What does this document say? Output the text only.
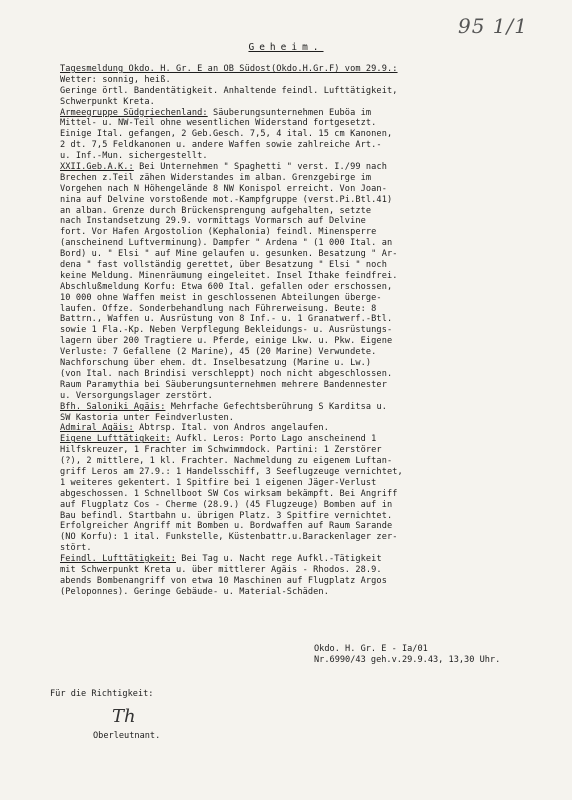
95 1/1
Geheim.
Tagesmeldung Okdo. H. Gr. E an OB Südost(Okdo.H.Gr.F) vom 29.9.:
Wetter: sonnig, heiß.
Geringe örtl. Bandentätigkeit. Anhaltende feindl. Lufttätigkeit,
Schwerpunkt Kreta.
Armeegruppe Südgriechenland: Säuberungsunternehmen Euböa im
Mittel- u. NW-Teil ohne wesentlichen Widerstand fortgesetzt.
Einige Ital. gefangen, 2 Geb.Gesch. 7,5, 4 ital. 15 cm Kanonen,
2 dt. 7,5 Feldkanonen u. andere Waffen sowie zahlreiche Art.-
u. Inf.-Mun. sichergestellt.
XXII.Geb.A.K.: Bei Unternehmen " Spaghetti " verst. I./99 nach
Brechen z.Teil zähen Widerstandes im alban. Grenzgebirge im
Vorgehen nach N Höhengelände 8 NW Konispol erreicht. Von Joan-
nina auf Delvine vorstoßende mot.-Kampfgruppe (verst.Pi.Btl.41)
an alban. Grenze durch Brückensprengung aufgehalten, setzte
nach Instandsetzung 29.9. vormittags Vormarsch auf Delvine
fort. Vor Hafen Argostolion (Kephalonia) feindl. Minensperre
(anscheinend Luftverminung). Dampfer " Ardena " (1 000 Ital. an
Bord) u. " Elsi " auf Mine gelaufen u. gesunken. Besatzung " Ar-
dena " fast vollständig gerettet, über Besatzung " Elsi " noch
keine Meldung. Minenräumung eingeleitet. Insel Ithake feindfrei.
Abschlußmeldung Korfu: Etwa 600 Ital. gefallen oder erschossen,
10 000 ohne Waffen meist in geschlossenen Abteilungen überge-
laufen. Offze. Sonderbehandlung nach Führerweisung. Beute: 8
Battrn., Waffen u. Ausrüstung von 8 Inf.- u. 1 Granatwerf.-Btl.
sowie 1 Fla.-Kp. Neben Verpflegung Bekleidungs- u. Ausrüstungs-
lagern über 200 Tragtiere u. Pferde, einige Lkw. u. Pkw. Eigene
Verluste: 7 Gefallene (2 Marine), 45 (20 Marine) Verwundete.
Nachforschung über ehem. dt. Inselbesatzung (Marine u. Lw.)
(von Ital. nach Brindisi verschleppt) noch nicht abgeschlossen.
Raum Paramythia bei Säuberungsunternehmen mehrere Bandennester
u. Versorgungslager zerstört.
Bfh. Saloniki Ägäis: Mehrfache Gefechtsberührung S Karditsa u.
SW Kastoria unter Feindverlusten.
Admiral Ägäis: Abtrsp. Ital. von Andros angelaufen.
Eigene Lufttätigkeit: Aufkl. Leros: Porto Lago anscheinend 1
Hilfskreuzer, 1 Frachter im Schwimmdock. Partini: 1 Zerstörer
(?), 2 mittlere, 1 kl. Frachter. Nachmeldung zu eigenem Luftan-
griff Leros am 27.9.: 1 Handelsschiff, 3 Seeflugzeuge vernichtet,
1 weiteres gekentert. 1 Spitfire bei 1 eigenen Jäger-Verlust
abgeschossen. 1 Schnellboot SW Cos wirksam bekämpft. Bei Angriff
auf Flugplatz Cos - Cherme (28.9.) (45 Flugzeuge) Bomben auf in
Bau befindl. Startbahn u. übrigen Platz. 3 Spitfire vernichtet.
Erfolgreicher Angriff mit Bomben u. Bordwaffen auf Raum Sarande
(NO Korfu): 1 ital. Funkstelle, Küstenbattr.u.Barackenlager zer-
stört.
Feindl. Lufttätigkeit: Bei Tag u. Nacht rege Aufkl.-Tätigkeit
mit Schwerpunkt Kreta u. über mittlerer Ägäis - Rhodos. 28.9.
abends Bombenangriff von etwa 10 Maschinen auf Flugplatz Argos
(Peloponnes). Geringe Gebäude- u. Material-Schäden.
Okdo. H. Gr. E - Ia/01
Nr.6990/43 geh.v.29.9.43, 13,30 Uhr.
Für die Richtigkeit:
Th
Oberleutnant.
